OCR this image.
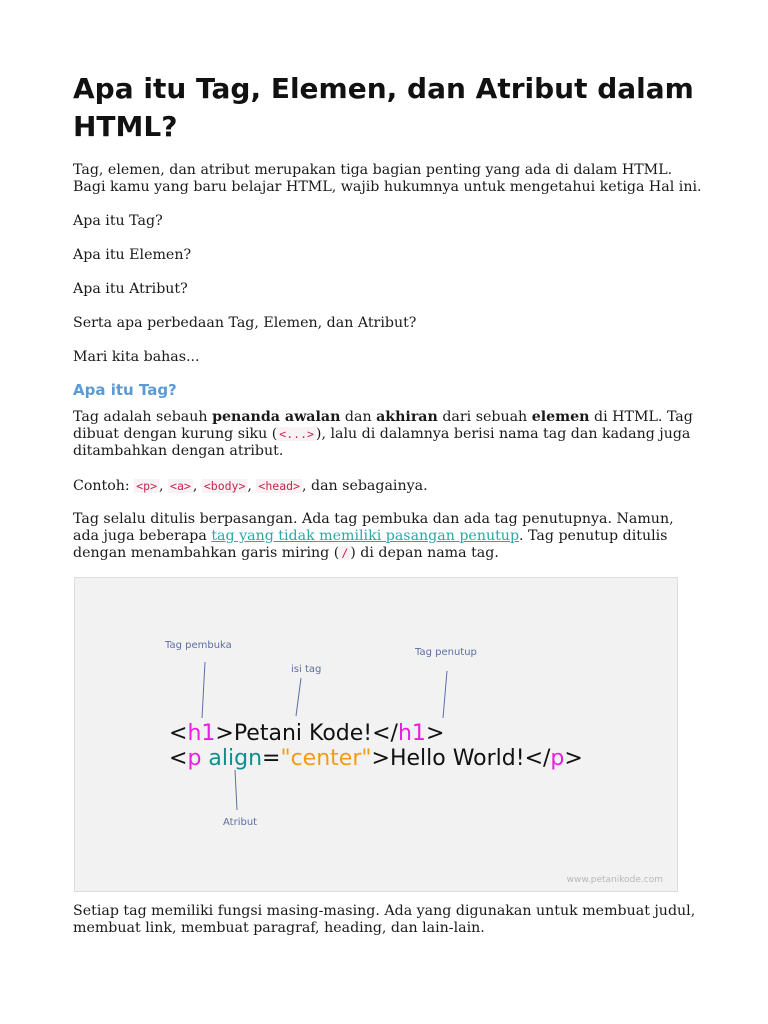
Apa itu Tag, Elemen, dan Atribut dalam HTML?

Tag, elemen, dan atribut merupakan tiga bagian penting yang ada di dalam HTML. Bagi kamu yang baru belajar HTML, wajib hukumnya untuk mengetahui ketiga Hal ini.

Apa itu Tag?

Apa itu Elemen?

Apa itu Atribut?

Serta apa perbedaan Tag, Elemen, dan Atribut?

Mari kita bahas...

Apa itu Tag?

Tag adalah sebauh penanda awalan dan akhiran dari sebuah elemen di HTML. Tag dibuat dengan kurung siku ( <...> ), lalu di dalamnya berisi nama tag dan kadang juga ditambahkan dengan atribut.

Contoh: <p> , <a> , <body> , <head> , dan sebagainya.

Tag selalu ditulis berpasangan. Ada tag pembuka dan ada tag penutupnya. Namun, ada juga beberapa tag yang tidak memiliki pasangan penutup. Tag penutup ditulis dengan menambahkan garis miring ( / ) di depan nama tag.

Tag pembuka
isi tag
Tag penutup
Atribut
<h1>Petani Kode!</h1>
<p align="center">Hello World!</p>
www.petanikode.com

Setiap tag memiliki fungsi masing-masing. Ada yang digunakan untuk membuat judul, membuat link, membuat paragraf, heading, dan lain-lain.
